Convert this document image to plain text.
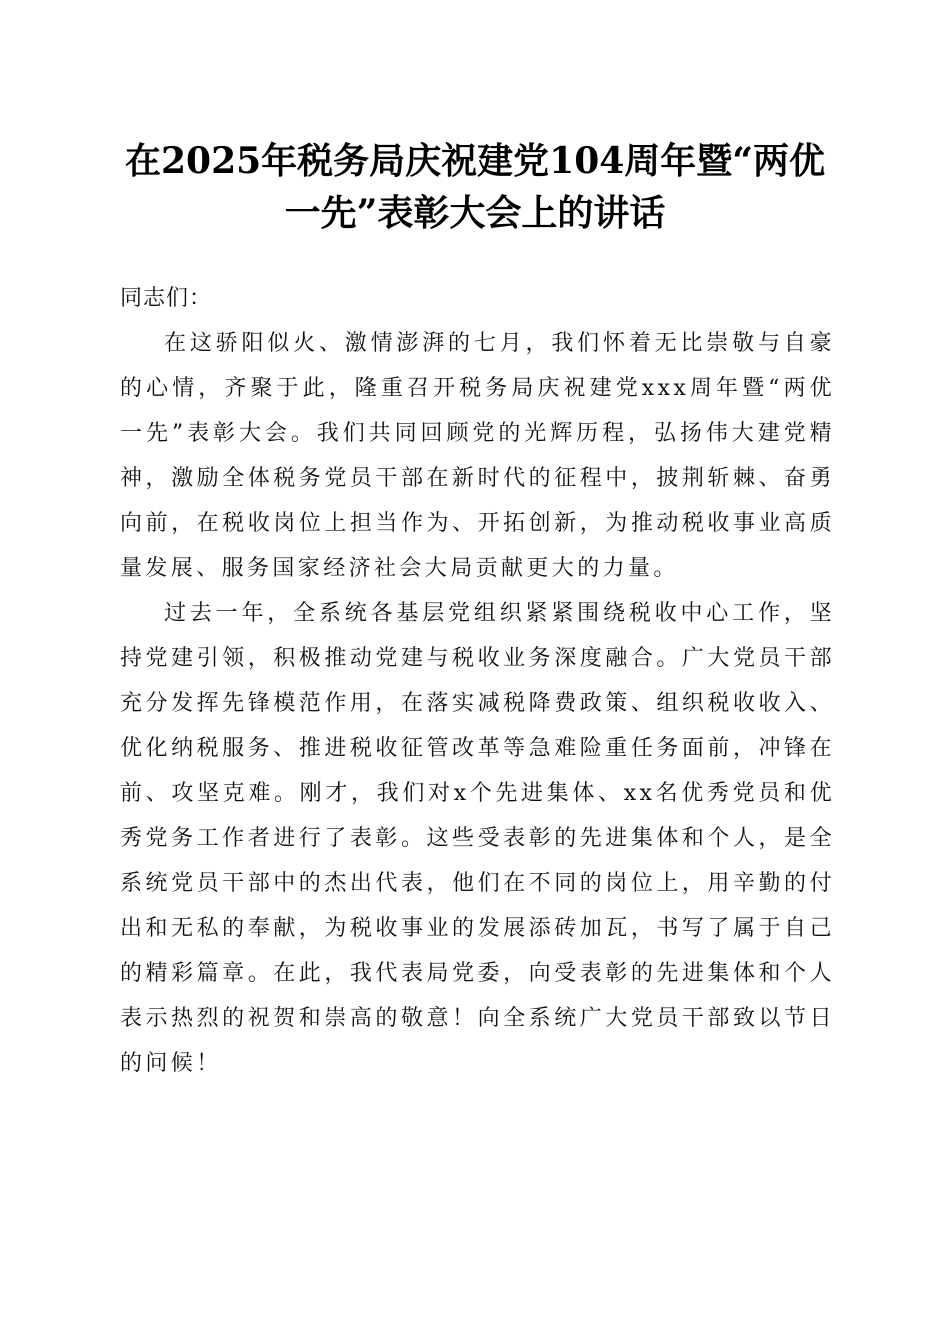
在2025年税务局庆祝建党104周年暨“两优
一先”表彰大会上的讲话

同志们：

在这骄阳似火、激情澎湃的七月，我们怀着无比崇敬与自豪的心情，齐聚于此，隆重召开税务局庆祝建党xxx周年暨“两优一先”表彰大会。我们共同回顾党的光辉历程，弘扬伟大建党精神，激励全体税务党员干部在新时代的征程中，披荆斩棘、奋勇向前，在税收岗位上担当作为、开拓创新，为推动税收事业高质量发展、服务国家经济社会大局贡献更大的力量。

过去一年，全系统各基层党组织紧紧围绕税收中心工作，坚持党建引领，积极推动党建与税收业务深度融合。广大党员干部充分发挥先锋模范作用，在落实减税降费政策、组织税收收入、优化纳税服务、推进税收征管改革等急难险重任务面前，冲锋在前、攻坚克难。刚才，我们对x个先进集体、xx名优秀党员和优秀党务工作者进行了表彰。这些受表彰的先进集体和个人，是全系统党员干部中的杰出代表，他们在不同的岗位上，用辛勤的付出和无私的奉献，为税收事业的发展添砖加瓦，书写了属于自己的精彩篇章。在此，我代表局党委，向受表彰的先进集体和个人表示热烈的祝贺和崇高的敬意！向全系统广大党员干部致以节日的问候！
